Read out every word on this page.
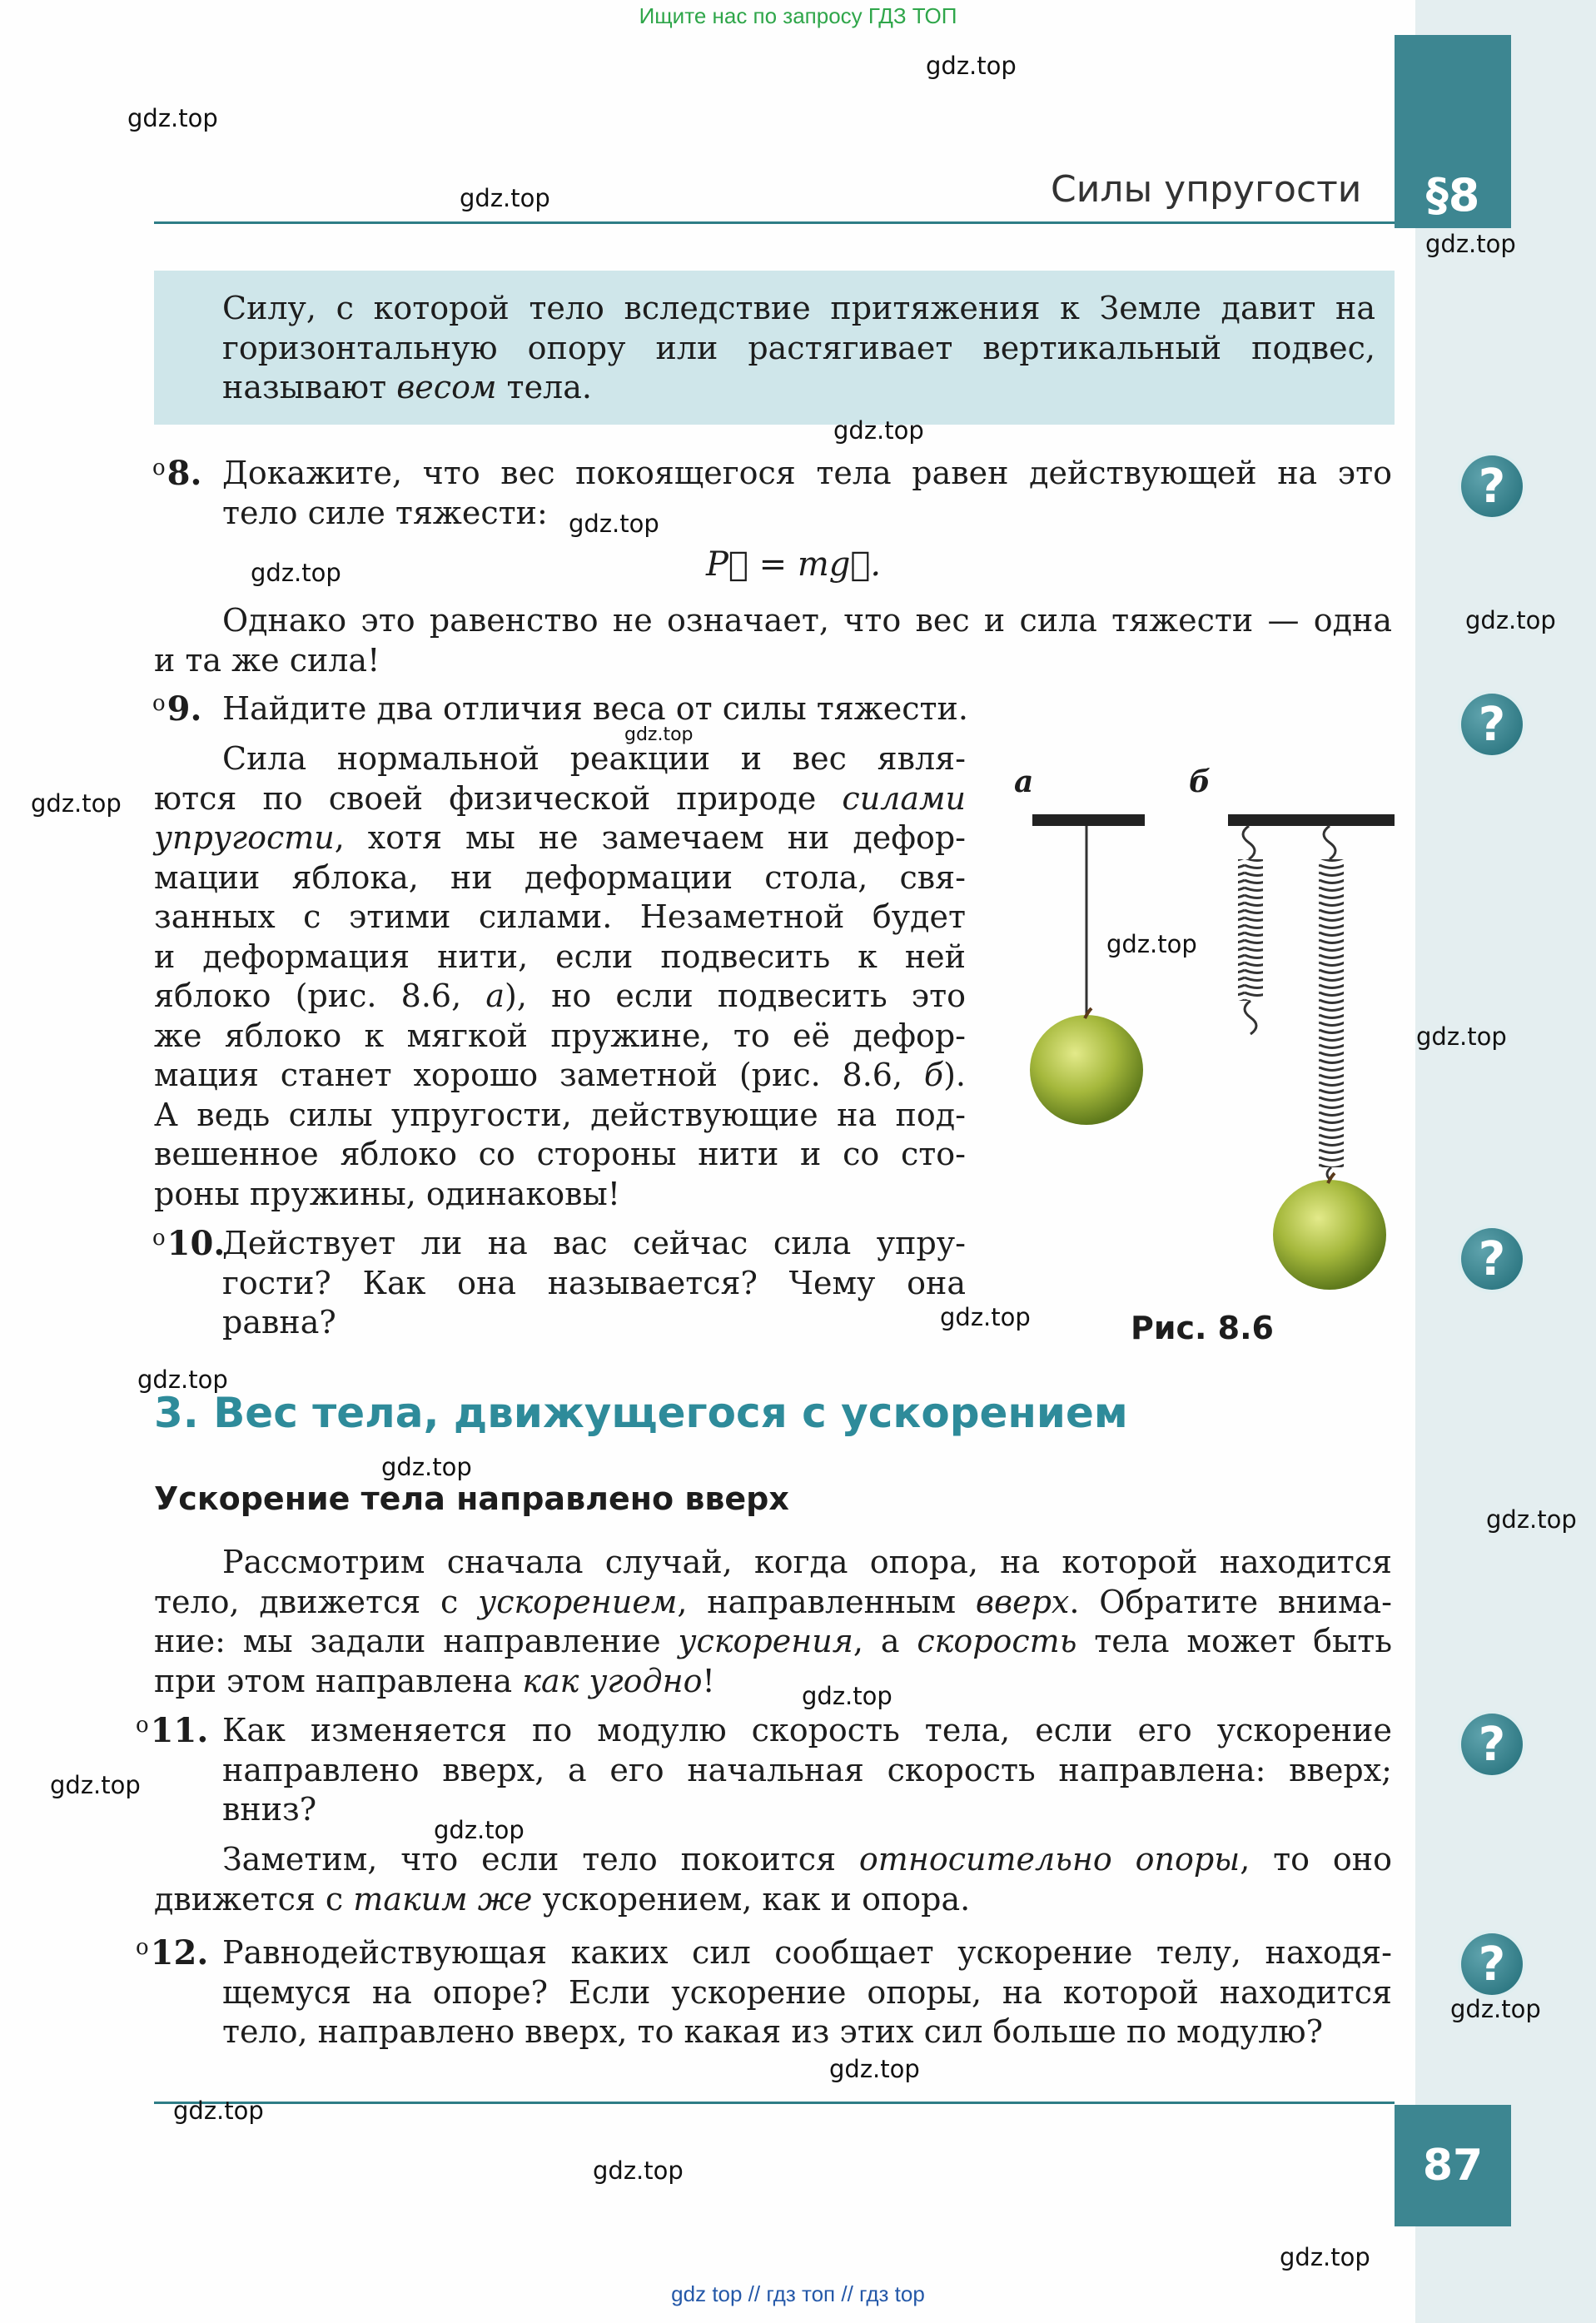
Ищите нас по запросу ГДЗ ТОП
gdz top // гдз топ // гдз top
§8
87
Силы упругости
Силу, с которой тело вследствие притяжения к Земле давит на
горизонтальную опору или растягивает вертикальный подвес,
называют весом тела.
$^o$8. Докажите, что вес покоящегося тела равен действующей на это
тело силе тяжести:
P⃗ = mg⃗.
Однако это равенство не означает, что вес и сила тяжести — одна
и та же сила!
?
$^o$9. Найдите два отличия веса от силы тяжести.	?
Сила нормальной реакции и вес явля-
ются по своей физической природе силами
упругости, хотя мы не замечаем ни дефор-
мации яблока, ни деформации стола, свя-
занных с этими силами. Незаметной будет
и деформация нити, если подвесить к ней
яблоко (рис. 8.6, а), но если подвесить это
же яблоко к мягкой пружине, то её дефор-
мация станет хорошо заметной (рис. 8.6, б).
А ведь силы упругости, действующие на под-
вешенное яблоко со стороны нити и со сто-
роны пружины, одинаковы!
$^o$10.
Действует ли на вас сейчас сила упру-
гости? Как она называется? Чему она
равна?
?
а	б
Рис. 8.6
3. Вес тела, движущегося с ускорением
Ускорение тела направлено вверх
Рассмотрим сначала случай, когда опора, на которой находится
тело, движется с ускорением, направленным вверх. Обратите внима-
ние: мы задали направление ускорения, а скорость тела может быть
при этом направлена как угодно!
$^o$11. Как изменяется по модулю скорость тела, если его ускорение
направлено вверх, а его начальная скорость направлена: вверх;
вниз?
?
Заметим, что если тело покоится относительно опоры, то оно
движется с таким же ускорением, как и опора.
$^o$12. Равнодействующая каких сил сообщает ускорение телу, находя-
щемуся на опоре? Если ускорение опоры, на которой находится
тело, направлено вверх, то какая из этих сил больше по модулю?
?
gdz.top
gdz.top
gdz.top
gdz.top
gdz.top
gdz.top
gdz.top
gdz.top
gdz.top
gdz.top
gdz.top
gdz.top
gdz.top
gdz.top
gdz.top
gdz.top
gdz.top
gdz.top
gdz.top
gdz.top
gdz.top
gdz.top
gdz.top
gdz.top
